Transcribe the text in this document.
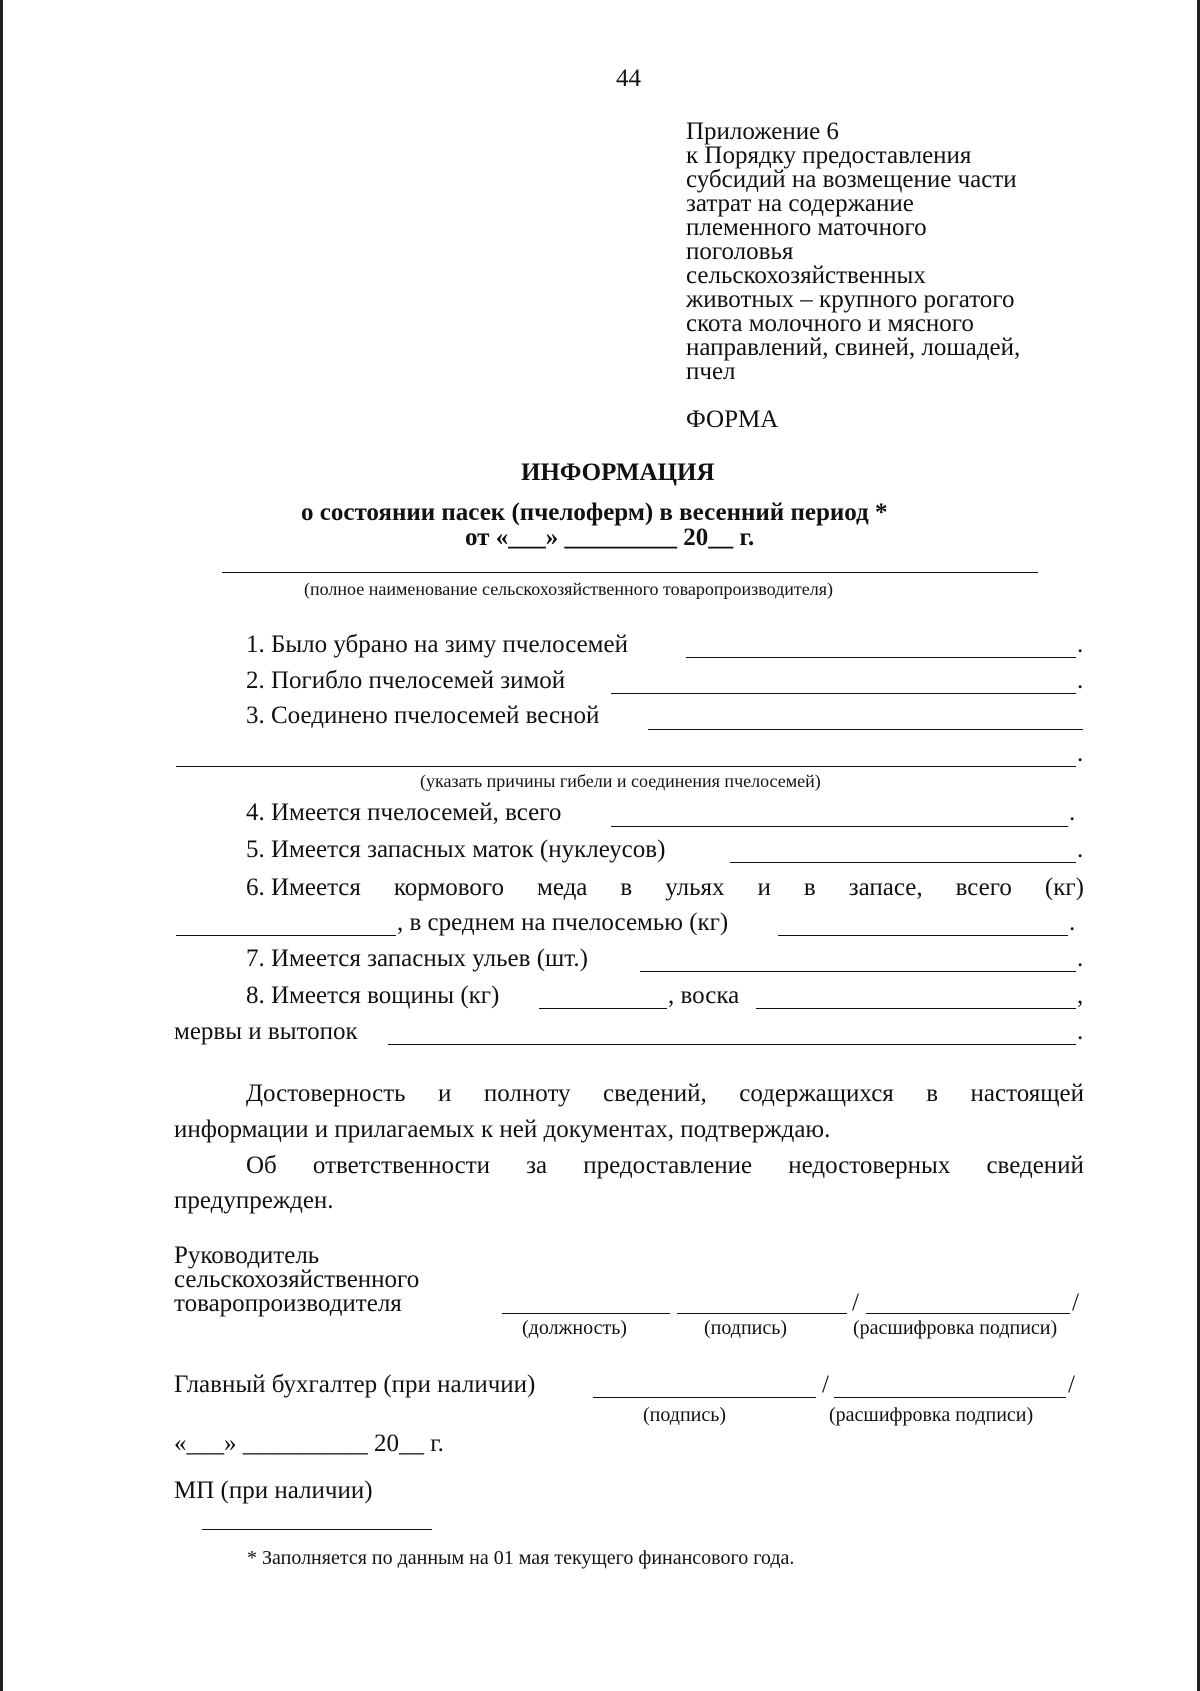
44
Приложение 6
к Порядку предоставления
субсидий на возмещение части
затрат на содержание
племенного маточного
поголовья
сельскохозяйственных
животных – крупного рогатого
скота молочного и мясного
направлений, свиней, лошадей,
пчел
ФОРМА
ИНФОРМАЦИЯ
о состоянии пасек (пчелоферм) в весенний период *
от «___» _________ 20__ г.
(полное наименование сельскохозяйственного товаропроизводителя)
1. Было убрано на зиму пчелосемей	.
2. Погибло пчелосемей зимой	.
3. Соединено пчелосемей весной
.
(указать причины гибели и соединения пчелосемей)
4. Имеется пчелосемей, всего	.
5. Имеется запасных маток (нуклеусов)	.
6. Имеется кормового меда в ульях и в запасе, всего (кг)
, в среднем на пчелосемью (кг)	.
7. Имеется запасных ульев (шт.)	.
8. Имеется вощины (кг)	, воска	,
мервы и вытопок	.
Достоверность и полноту сведений, содержащихся в настоящей
информации и прилагаемых к ней документах, подтверждаю.
Об ответственности за предоставление недостоверных сведений
предупрежден.
Руководитель
сельскохозяйственного
товаропроизводителя	/	/
(должность)	(подпись)	(расшифровка подписи)
Главный бухгалтер (при наличии)	/	/
(подпись)	(расшифровка подписи)
«___» __________ 20__ г.
МП (при наличии)
* Заполняется по данным на 01 мая текущего финансового года.
